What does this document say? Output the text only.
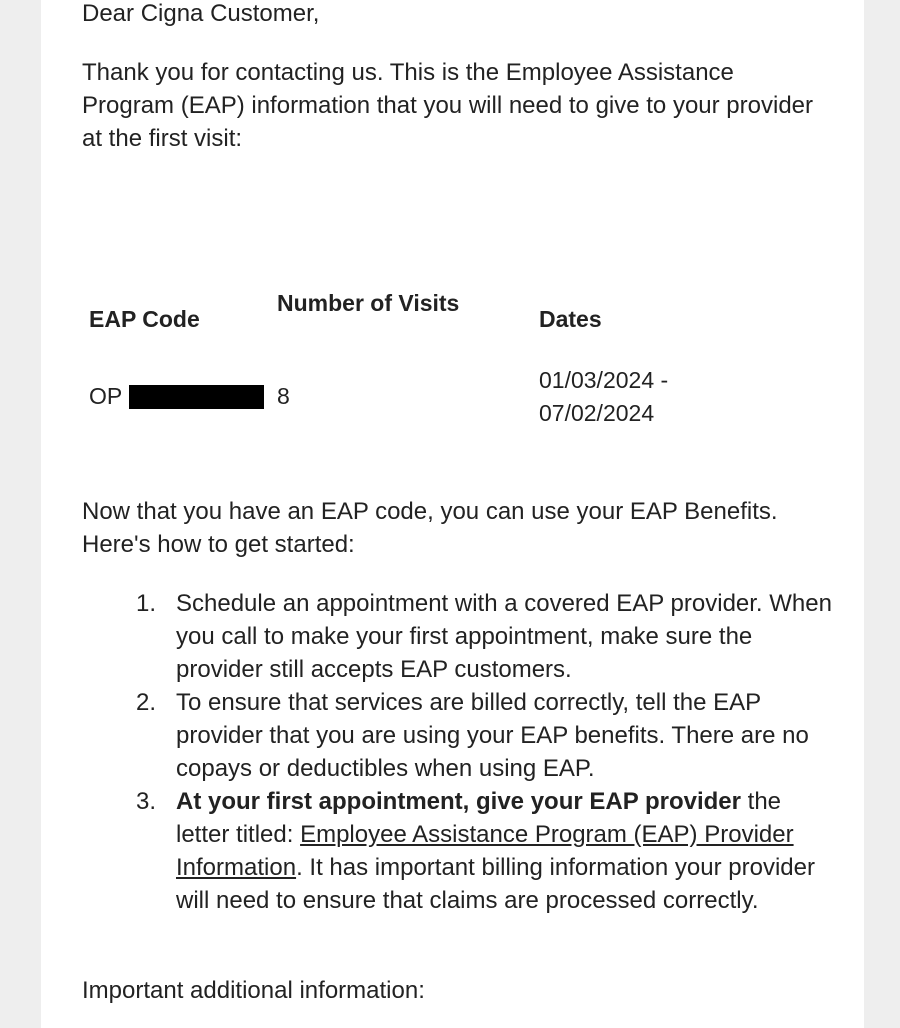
Dear Cigna Customer,
Thank you for contacting us. This is the Employee Assistance Program (EAP) information that you will need to give to your provider at the first visit:
EAP Code
Number of Visits
Dates
OP	8
01/03/2024 -
07/02/2024
Now that you have an EAP code, you can use your EAP Benefits. Here's how to get started:
1. Schedule an appointment with a covered EAP provider. When you call to make your first appointment, make sure the provider still accepts EAP customers.
2. To ensure that services are billed correctly, tell the EAP provider that you are using your EAP benefits. There are no copays or deductibles when using EAP.
3. At your first appointment, give your EAP provider the letter titled: Employee Assistance Program (EAP) Provider Information. It has important billing information your provider will need to ensure that claims are processed correctly.
Important additional information:
